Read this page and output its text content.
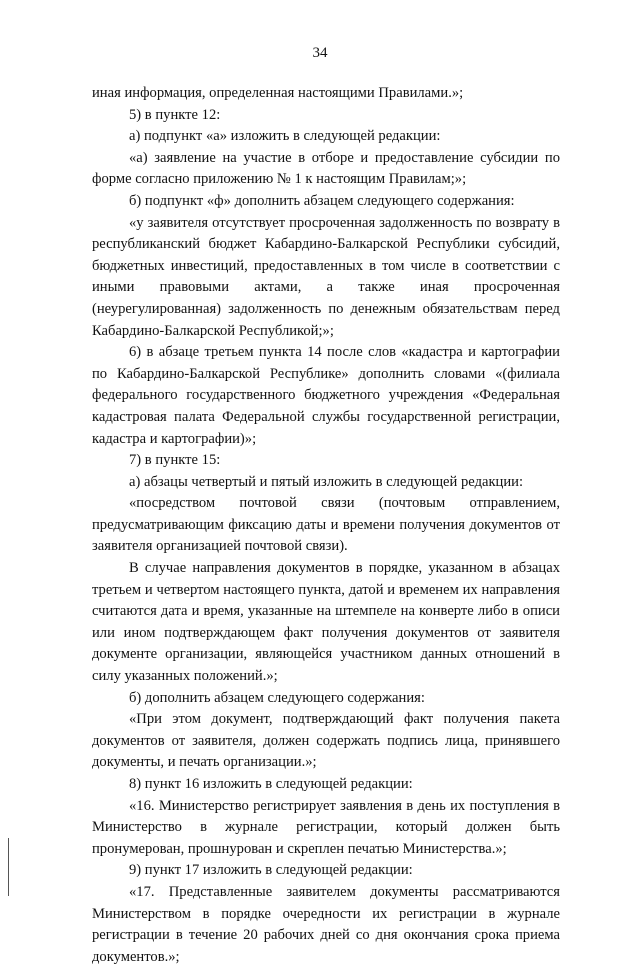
34

иная информация, определенная настоящими Правилами.»;

5) в пункте 12:

а) подпункт «а» изложить в следующей редакции:

«а) заявление на участие в отборе и предоставление субсидии по форме согласно приложению № 1 к настоящим Правилам;»;

б) подпункт «ф» дополнить абзацем следующего содержания:

«у заявителя отсутствует просроченная задолженность по возврату в республиканский бюджет Кабардино-Балкарской Республики субсидий, бюджетных инвестиций, предоставленных в том числе в соответствии с иными правовыми актами, а также иная просроченная (неурегулированная) задолженность по денежным обязательствам перед Кабардино-Балкарской Республикой;»;

6) в абзаце третьем пункта 14 после слов «кадастра и картографии по Кабардино-Балкарской Республике» дополнить словами «(филиала федерального государственного бюджетного учреждения «Федеральная кадастровая палата Федеральной службы государственной регистрации, кадастра и картографии)»;

7) в пункте 15:

а) абзацы четвертый и пятый изложить в следующей редакции:

«посредством почтовой связи (почтовым отправлением, предусматривающим фиксацию даты и времени получения документов от заявителя организацией почтовой связи).

В случае направления документов в порядке, указанном в абзацах третьем и четвертом настоящего пункта, датой и временем их направления считаются дата и время, указанные на штемпеле на конверте либо в описи или ином подтверждающем факт получения документов от заявителя документе организации, являющейся участником данных отношений в силу указанных положений.»;

б) дополнить абзацем следующего содержания:

«При этом документ, подтверждающий факт получения пакета документов от заявителя, должен содержать подпись лица, принявшего документы, и печать организации.»;

8) пункт 16 изложить в следующей редакции:

«16. Министерство регистрирует заявления в день их поступления в Министерство в журнале регистрации, который должен быть пронумерован, прошнурован и скреплен печатью Министерства.»;

9) пункт 17 изложить в следующей редакции:

«17. Представленные заявителем документы рассматриваются Министерством в порядке очередности их регистрации в журнале регистрации в течение 20 рабочих дней со дня окончания срока приема документов.»;
